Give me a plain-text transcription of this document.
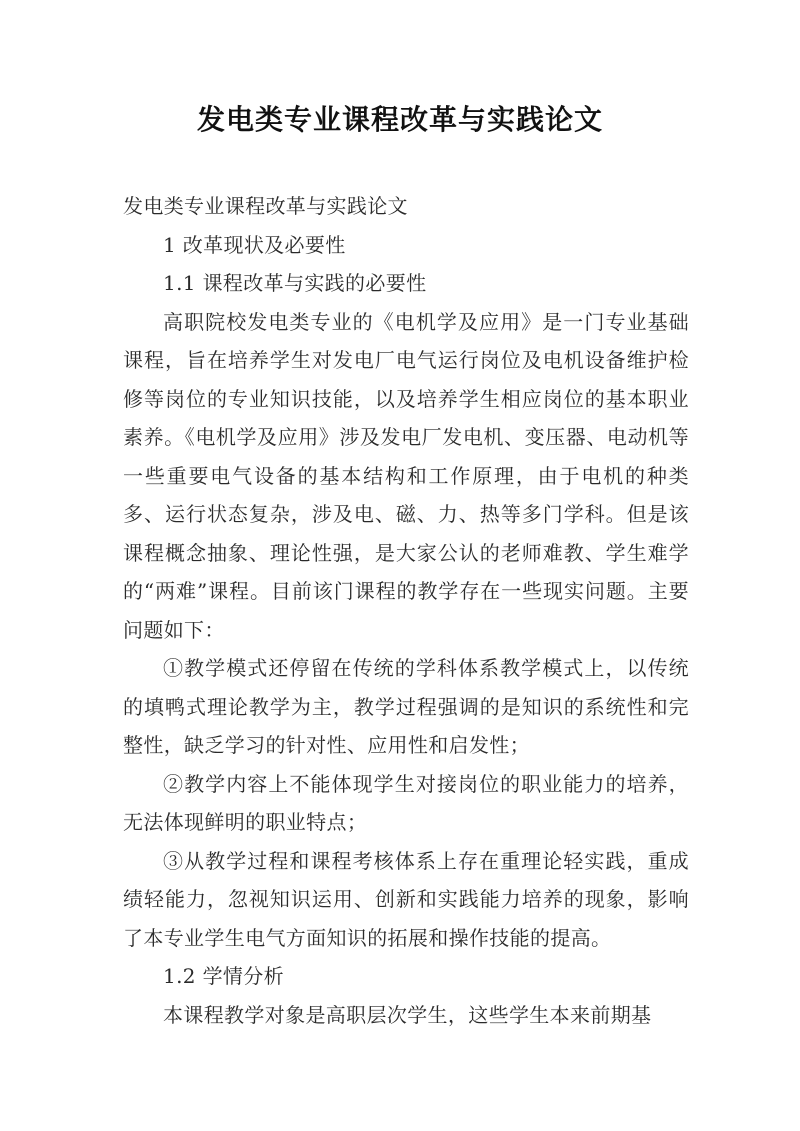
发电类专业课程改革与实践论文

发电类专业课程改革与实践论文

1 改革现状及必要性

1.1 课程改革与实践的必要性

高职院校发电类专业的《电机学及应用》是一门专业基础课程，旨在培养学生对发电厂电气运行岗位及电机设备维护检修等岗位的专业知识技能，以及培养学生相应岗位的基本职业素养。《电机学及应用》涉及发电厂发电机、变压器、电动机等一些重要电气设备的基本结构和工作原理，由于电机的种类多、运行状态复杂，涉及电、磁、力、热等多门学科。但是该课程概念抽象、理论性强，是大家公认的老师难教、学生难学的“两难”课程。目前该门课程的教学存在一些现实问题。主要问题如下：

①教学模式还停留在传统的学科体系教学模式上，以传统的填鸭式理论教学为主，教学过程强调的是知识的系统性和完整性，缺乏学习的针对性、应用性和启发性；

②教学内容上不能体现学生对接岗位的职业能力的培养，无法体现鲜明的职业特点；

③从教学过程和课程考核体系上存在重理论轻实践，重成绩轻能力，忽视知识运用、创新和实践能力培养的现象，影响了本专业学生电气方面知识的拓展和操作技能的提高。

1.2 学情分析

本课程教学对象是高职层次学生，这些学生本来前期基
